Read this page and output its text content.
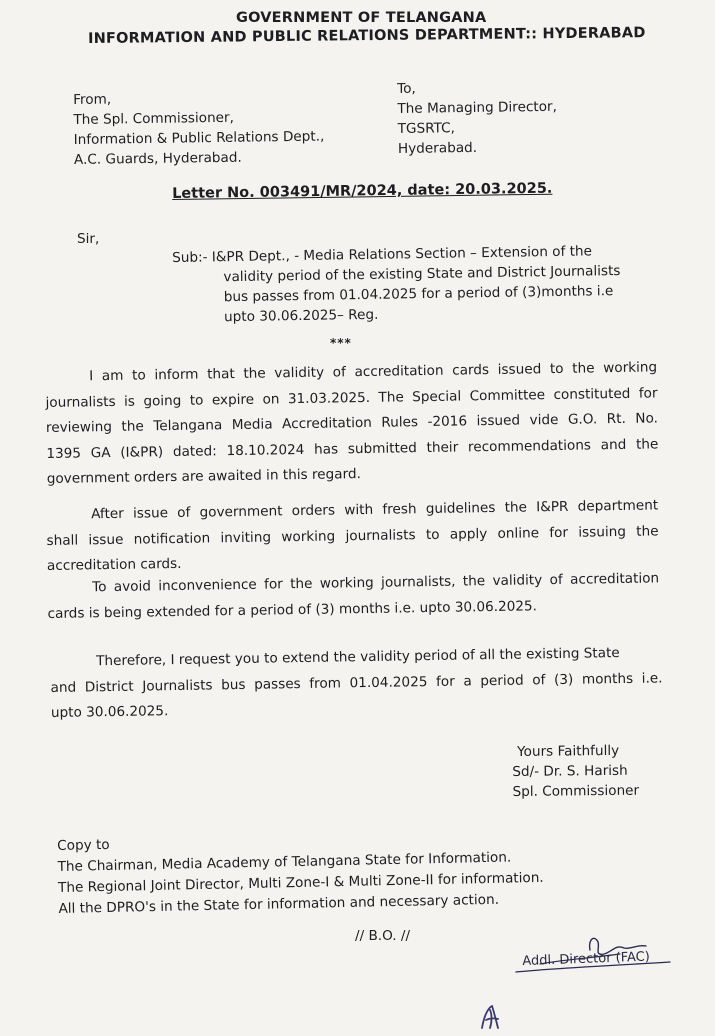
GOVERNMENT OF TELANGANA
INFORMATION AND PUBLIC RELATIONS DEPARTMENT:: HYDERABAD
From,
The Spl. Commissioner,
Information & Public Relations Dept.,
A.C. Guards, Hyderabad.
To,
The Managing Director,
TGSRTC,
Hyderabad.
Letter No. 003491/MR/2024, date: 20.03.2025.
Sir,
Sub:- I&PR Dept., - Media Relations Section – Extension of the
validity period of the existing State and District Journalists
bus passes from 01.04.2025 for a period of (3)months i.e
upto 30.06.2025– Reg.
***
I am to inform that the validity of accreditation cards issued to the working
journalists is going to expire on 31.03.2025. The Special Committee constituted for
reviewing the Telangana Media Accreditation Rules -2016 issued vide G.O. Rt. No.
1395 GA (I&PR) dated: 18.10.2024 has submitted their recommendations and the
government orders are awaited in this regard.
After issue of government orders with fresh guidelines the I&PR department
shall issue notification inviting working journalists to apply online for issuing the
accreditation cards.
To avoid inconvenience for the working journalists, the validity of accreditation
cards is being extended for a period of (3) months i.e. upto 30.06.2025.
Therefore, I request you to extend the validity period of all the existing State
and District Journalists bus passes from 01.04.2025 for a period of (3) months i.e.
upto 30.06.2025.
Yours Faithfully
Sd/- Dr. S. Harish
Spl. Commissioner
Copy to
The Chairman, Media Academy of Telangana State for Information.
The Regional Joint Director, Multi Zone-I & Multi Zone-II for information.
All the DPRO's in the State for information and necessary action.
// B.O. //
Addl. Director (FAC)
